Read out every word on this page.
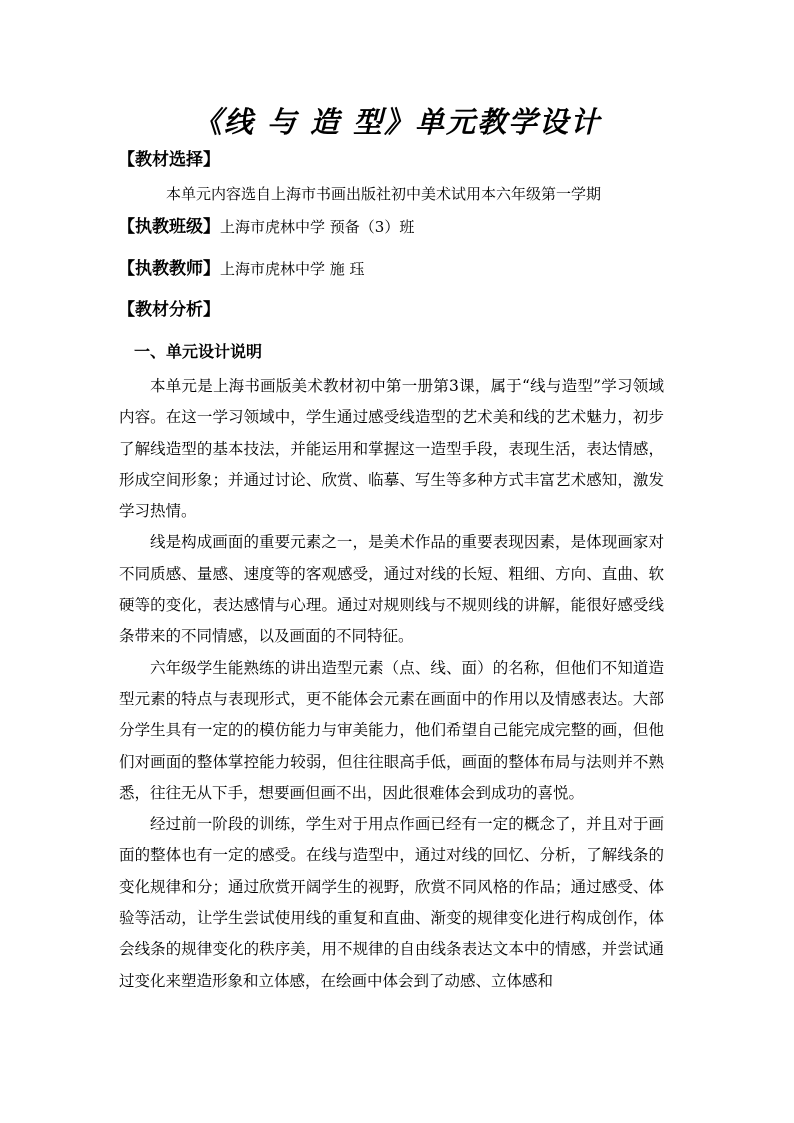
《线 与 造 型》单元教学设计
【教材选择】
本单元内容选自上海市书画出版社初中美术试用本六年级第一学期
【执教班级】上海市虎林中学 预备（3）班
【执教教师】上海市虎林中学 施 珏
【教材分析】
一、单元设计说明

本单元是上海书画版美术教材初中第一册第3课，属于“线与造型”学习领域内容。在这一学习领域中，学生通过感受线造型的艺术美和线的艺术魅力，初步了解线造型的基本技法，并能运用和掌握这一造型手段，表现生活，表达情感，形成空间形象；并通过讨论、欣赏、临摹、写生等多种方式丰富艺术感知，激发学习热情。

线是构成画面的重要元素之一，是美术作品的重要表现因素，是体现画家对不同质感、量感、速度等的客观感受，通过对线的长短、粗细、方向、直曲、软硬等的变化，表达感情与心理。通过对规则线与不规则线的讲解，能很好感受线条带来的不同情感，以及画面的不同特征。

六年级学生能熟练的讲出造型元素（点、线、面）的名称，但他们不知道造型元素的特点与表现形式，更不能体会元素在画面中的作用以及情感表达。大部分学生具有一定的的模仿能力与审美能力，他们希望自己能完成完整的画，但他们对画面的整体掌控能力较弱，但往往眼高手低，画面的整体布局与法则并不熟悉，往往无从下手，想要画但画不出，因此很难体会到成功的喜悦。

经过前一阶段的训练，学生对于用点作画已经有一定的概念了，并且对于画面的整体也有一定的感受。在线与造型中，通过对线的回忆、分析，了解线条的变化规律和分；通过欣赏开阔学生的视野，欣赏不同风格的作品；通过感受、体验等活动，让学生尝试使用线的重复和直曲、渐变的规律变化进行构成创作，体会线条的规律变化的秩序美，用不规律的自由线条表达文本中的情感，并尝试通过变化来塑造形象和立体感，在绘画中体会到了动感、立体感和
